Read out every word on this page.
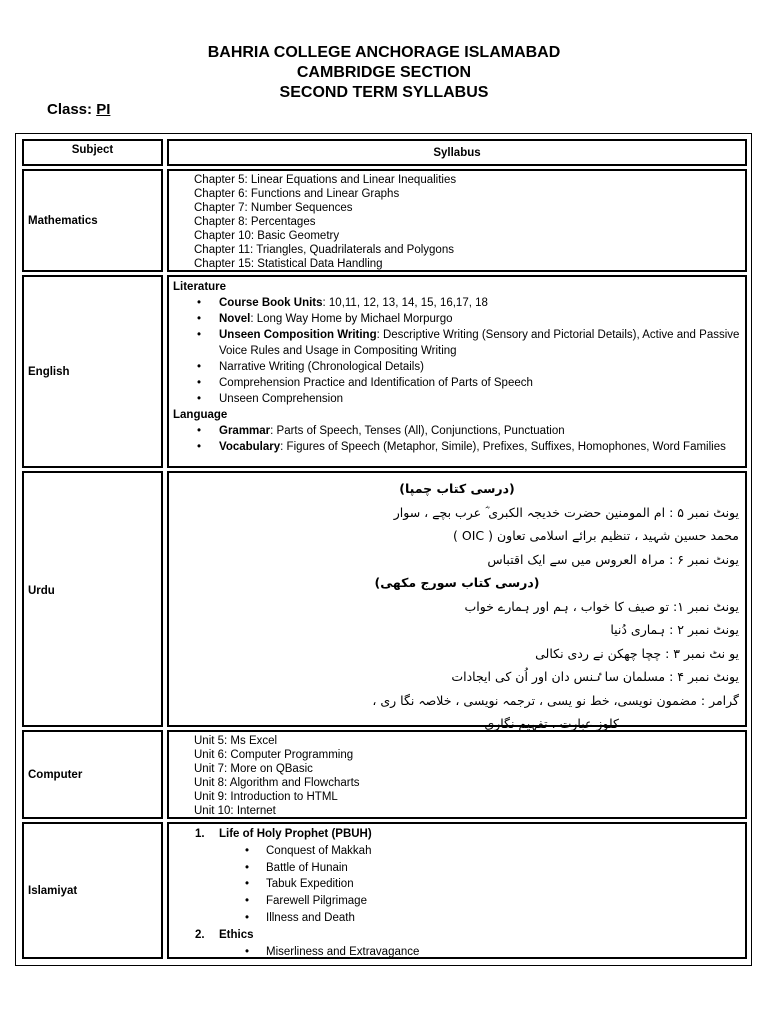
BAHRIA COLLEGE ANCHORAGE ISLAMABAD
CAMBRIDGE SECTION
SECOND TERM SYLLABUS
Class: PI
Subject	Syllabus
Mathematics
Chapter 5: Linear Equations and Linear Inequalities
Chapter 6: Functions and Linear Graphs
Chapter 7: Number Sequences
Chapter 8: Percentages
Chapter 10: Basic Geometry
Chapter 11: Triangles, Quadrilaterals and Polygons
Chapter 15: Statistical Data Handling
English
Literature
• Course Book Units: 10,11, 12, 13, 14, 15, 16,17, 18
• Novel: Long Way Home by Michael Morpurgo
• Unseen Composition Writing: Descriptive Writing (Sensory and Pictorial Details), Active and Passive Voice Rules and Usage in Compositing Writing
• Narrative Writing (Chronological Details)
• Comprehension Practice and Identification of Parts of Speech
• Unseen Comprehension
Language
• Grammar: Parts of Speech, Tenses (All), Conjunctions, Punctuation
• Vocabulary: Figures of Speech (Metaphor, Simile), Prefixes, Suffixes, Homophones, Word Families
Urdu
(درسی کتاب چمپا)
یونٹ نمبر ۵ : ام المومنین حضرت خدیجہ الکبری ؓ عرب بچے ، سوار
محمد حسین شہید ، تنظیم برائے اسلامی تعاون ( OIC )
یونٹ نمبر ۶ : مراہ العروس میں سے ایک اقتباس
(درسی کتاب سورج مکھی)
یونٹ نمبر ۱: تو صیف کا خواب ، ہم اور ہمارے خواب
یونٹ نمبر ۲ : ہماری دُنیا
یو نٹ نمبر ۳ : چچا چھکن نے ردی نکالی
یونٹ نمبر ۴ : مسلمان سا ٸنس دان اور اُن کی ایجادات
گرامر : مضمون نویسی، خط نو یسی ، ترجمہ نویسی ، خلاصہ نگا ری ،
کلوز عبارت ، تفہیم نگاری
Computer
Unit 5: Ms Excel
Unit 6: Computer Programming
Unit 7: More on QBasic
Unit 8: Algorithm and Flowcharts
Unit 9: Introduction to HTML
Unit 10: Internet
Islamiyat
1. Life of Holy Prophet (PBUH)
• Conquest of Makkah
• Battle of Hunain
• Tabuk Expedition
• Farewell Pilgrimage
• Illness and Death
2. Ethics
• Miserliness and Extravagance
